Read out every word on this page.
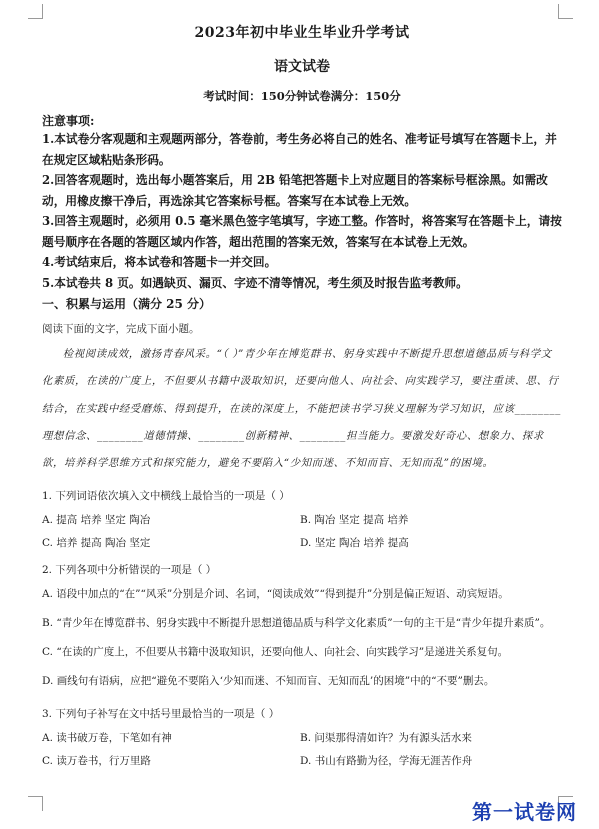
2023年初中毕业生毕业升学考试
语文试卷
考试时间：150分钟试卷满分：150分
注意事项:

1.本试卷分客观题和主观题两部分，答卷前，考生务必将自己的姓名、准考证号填写在答题卡上，并在规定区域粘贴条形码。

2.回答客观题时，选出每小题答案后，用 2B 铅笔把答题卡上对应题目的答案标号框涂黑。如需改动，用橡皮擦干净后，再选涂其它答案标号框。答案写在本试卷上无效。

3.回答主观题时，必须用 0.5 毫米黑色签字笔填写，字迹工整。作答时，将答案写在答题卡上，请按题号顺序在各题的答题区域内作答，超出范围的答案无效，答案写在本试卷上无效。

4.考试结束后，将本试卷和答题卡一并交回。

5.本试卷共 8 页。如遇缺页、漏页、字迹不清等情况，考生须及时报告监考教师。

一、积累与运用（满分 25 分）
阅读下面的文字，完成下面小题。
检视阅读成效，激扬青春风采。“（ ）”青少年在博览群书、躬身实践中不断提升思想道德品质与科学文化素质，在读的广度上，不但要从书籍中汲取知识，还要向他人、向社会、向实践学习，要注重读、思、行结合，在实践中经受磨炼、得到提升，在读的深度上，不能把读书学习狭义理解为学习知识，应该________理想信念、________道德情操、________创新精神、________担当能力。要激发好奇心、想象力、探求欲，培养科学思维方式和探究能力，避免不要陷入“少知而迷、不知而盲、无知而乱”的困境。

1. 下列词语依次填入文中横线上最恰当的一项是（ ）

A. 提高 培养 坚定 陶冶	B. 陶冶 坚定 提高 培养
C. 培养 提高 陶冶 坚定	D. 坚定 陶冶 培养 提高

2. 下列各项中分析错误的一项是（ ）

A. 语段中加点的“在”“风采”分别是介词、名词，“阅读成效”“得到提升”分别是偏正短语、动宾短语。

B. “青少年在博览群书、躬身实践中不断提升思想道德品质与科学文化素质”一句的主干是“青少年提升素质”。

C. “在读的广度上，不但要从书籍中汲取知识，还要向他人、向社会、向实践学习”是递进关系复句。

D. 画线句有语病，应把“避免不要陷入‘少知而迷、不知而盲、无知而乱’的困境”中的“不要”删去。

3. 下列句子补写在文中括号里最恰当的一项是（ ）

A. 读书破万卷，下笔如有神	B. 问渠那得清如许？为有源头活水来
C. 读万卷书，行万里路	D. 书山有路勤为径，学海无涯苦作舟
第一试卷网
